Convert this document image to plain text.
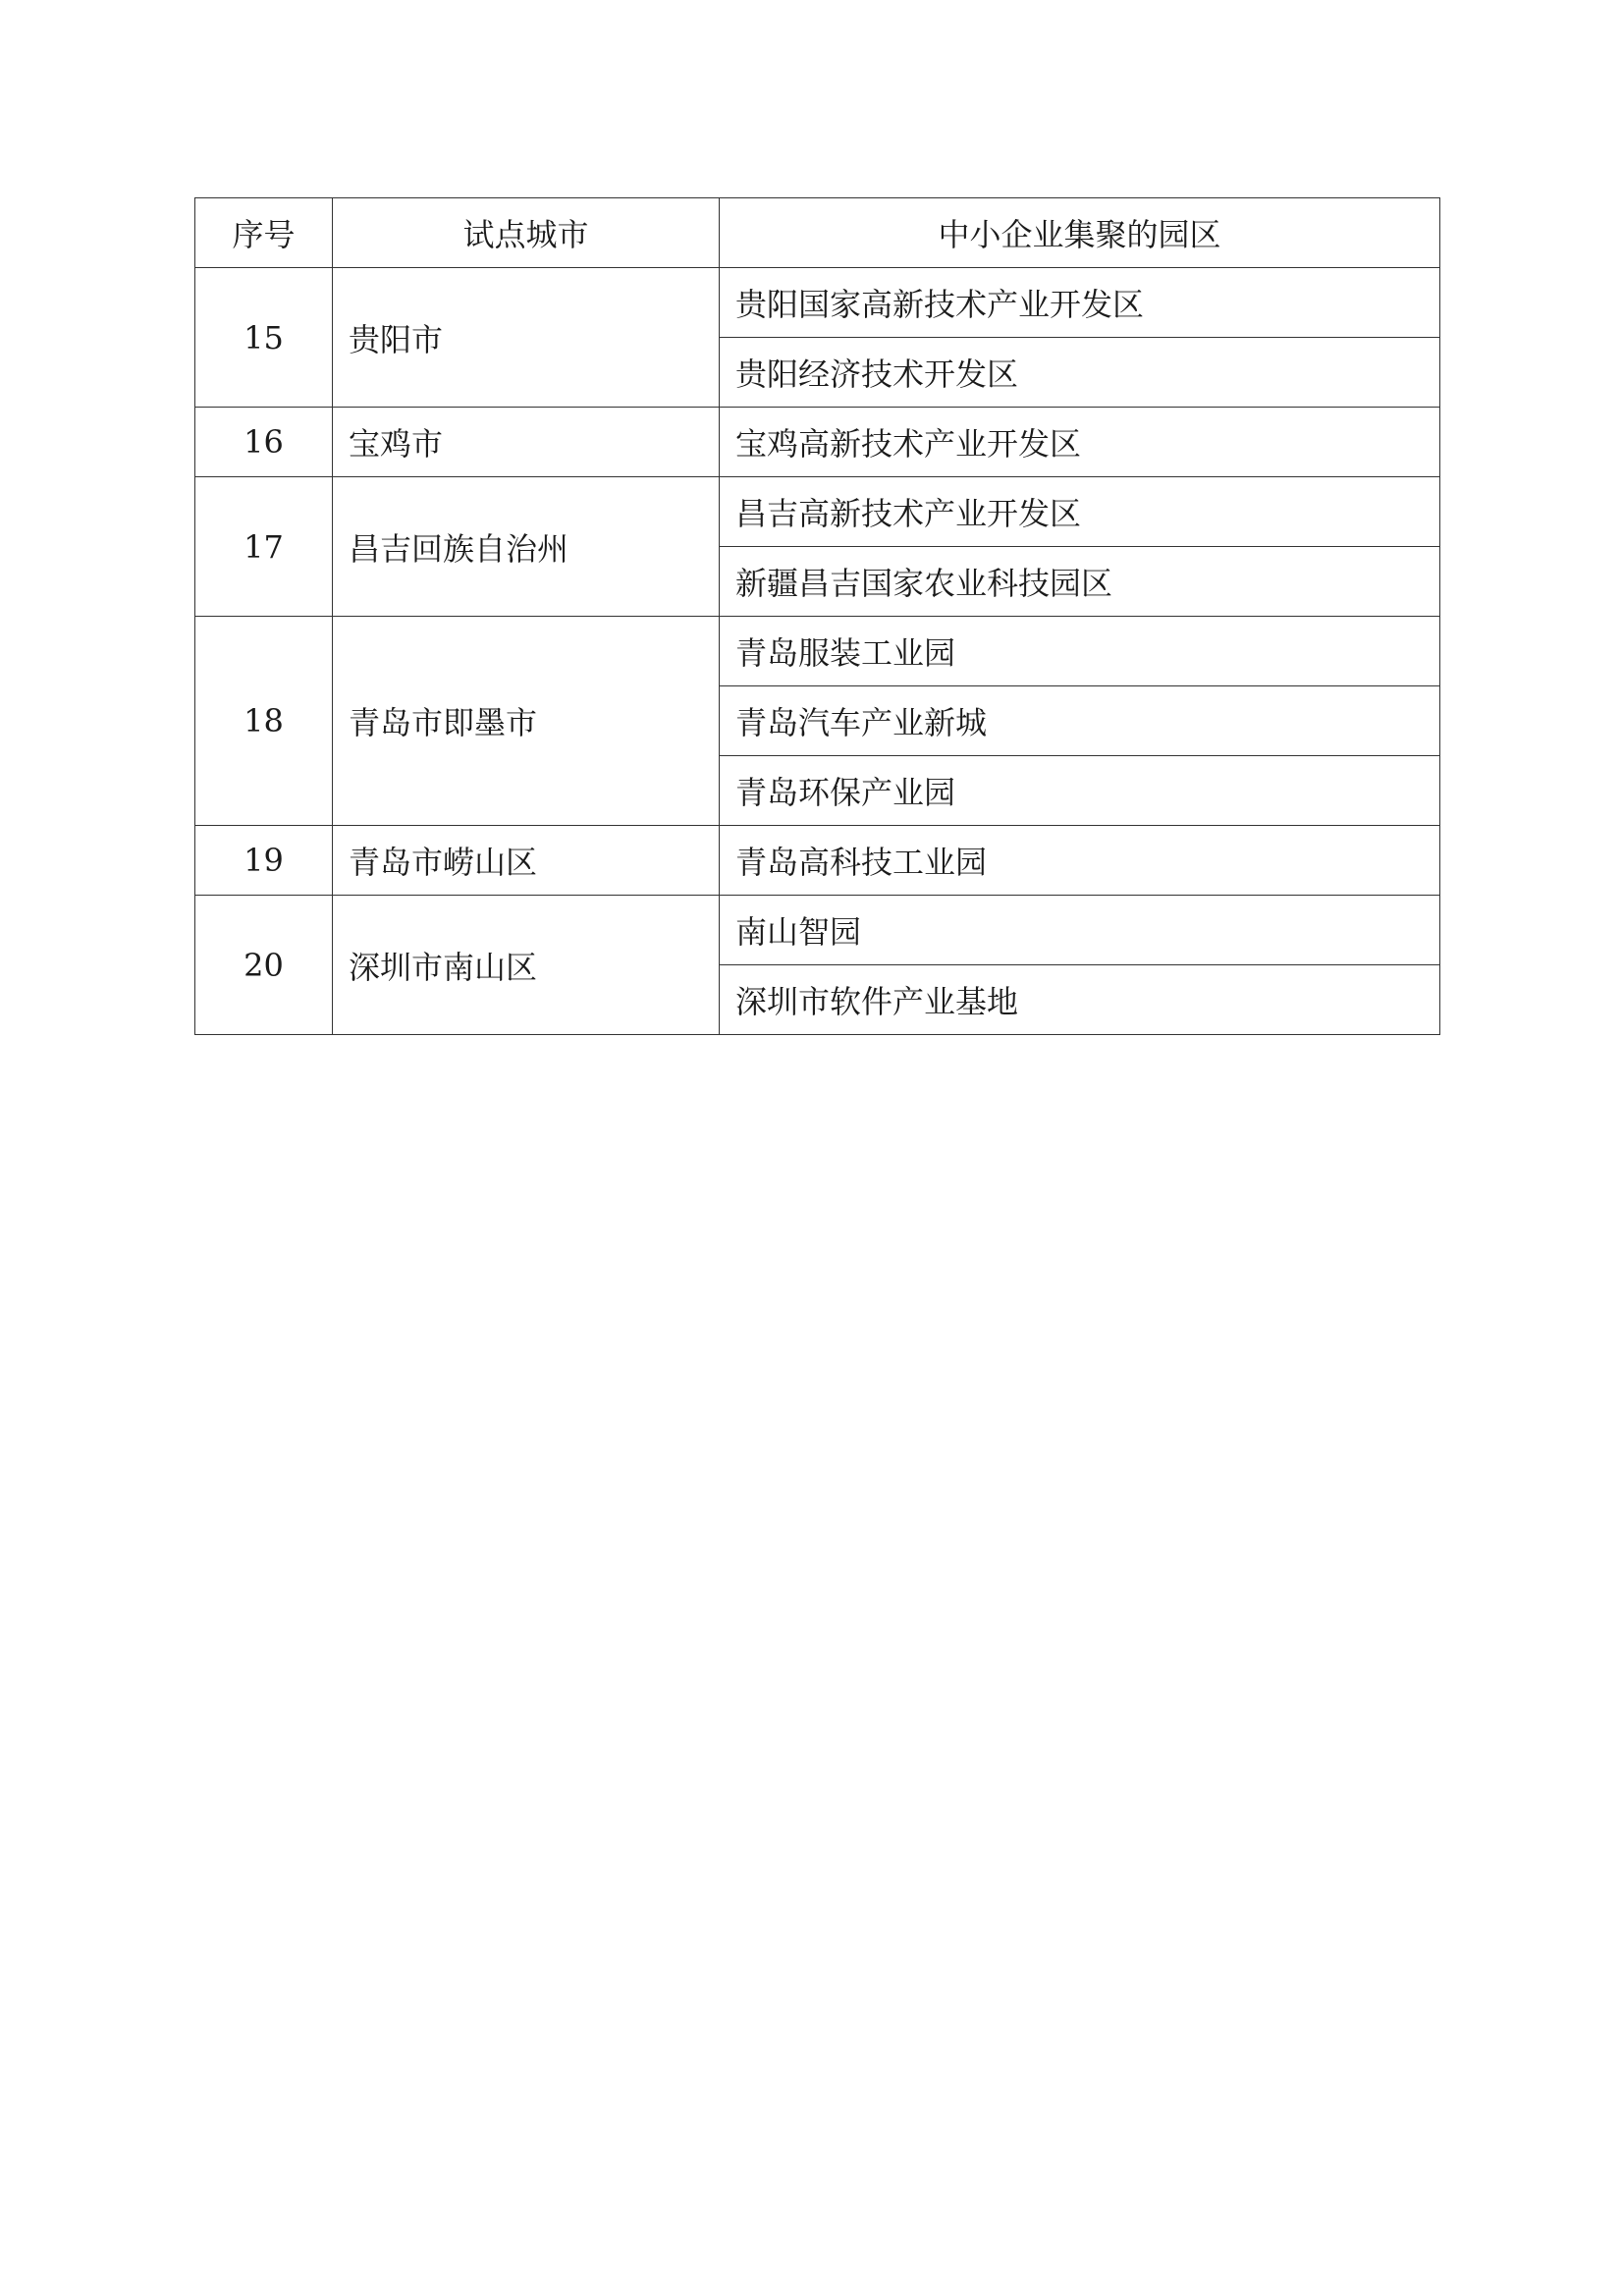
序号	试点城市	中小企业集聚的园区
15	贵阳市	贵阳国家高新技术产业开发区
		贵阳经济技术开发区
16	宝鸡市	宝鸡高新技术产业开发区
17	昌吉回族自治州	昌吉高新技术产业开发区
		新疆昌吉国家农业科技园区
18	青岛市即墨市	青岛服装工业园
		青岛汽车产业新城
		青岛环保产业园
19	青岛市崂山区	青岛高科技工业园
20	深圳市南山区	南山智园
		深圳市软件产业基地
